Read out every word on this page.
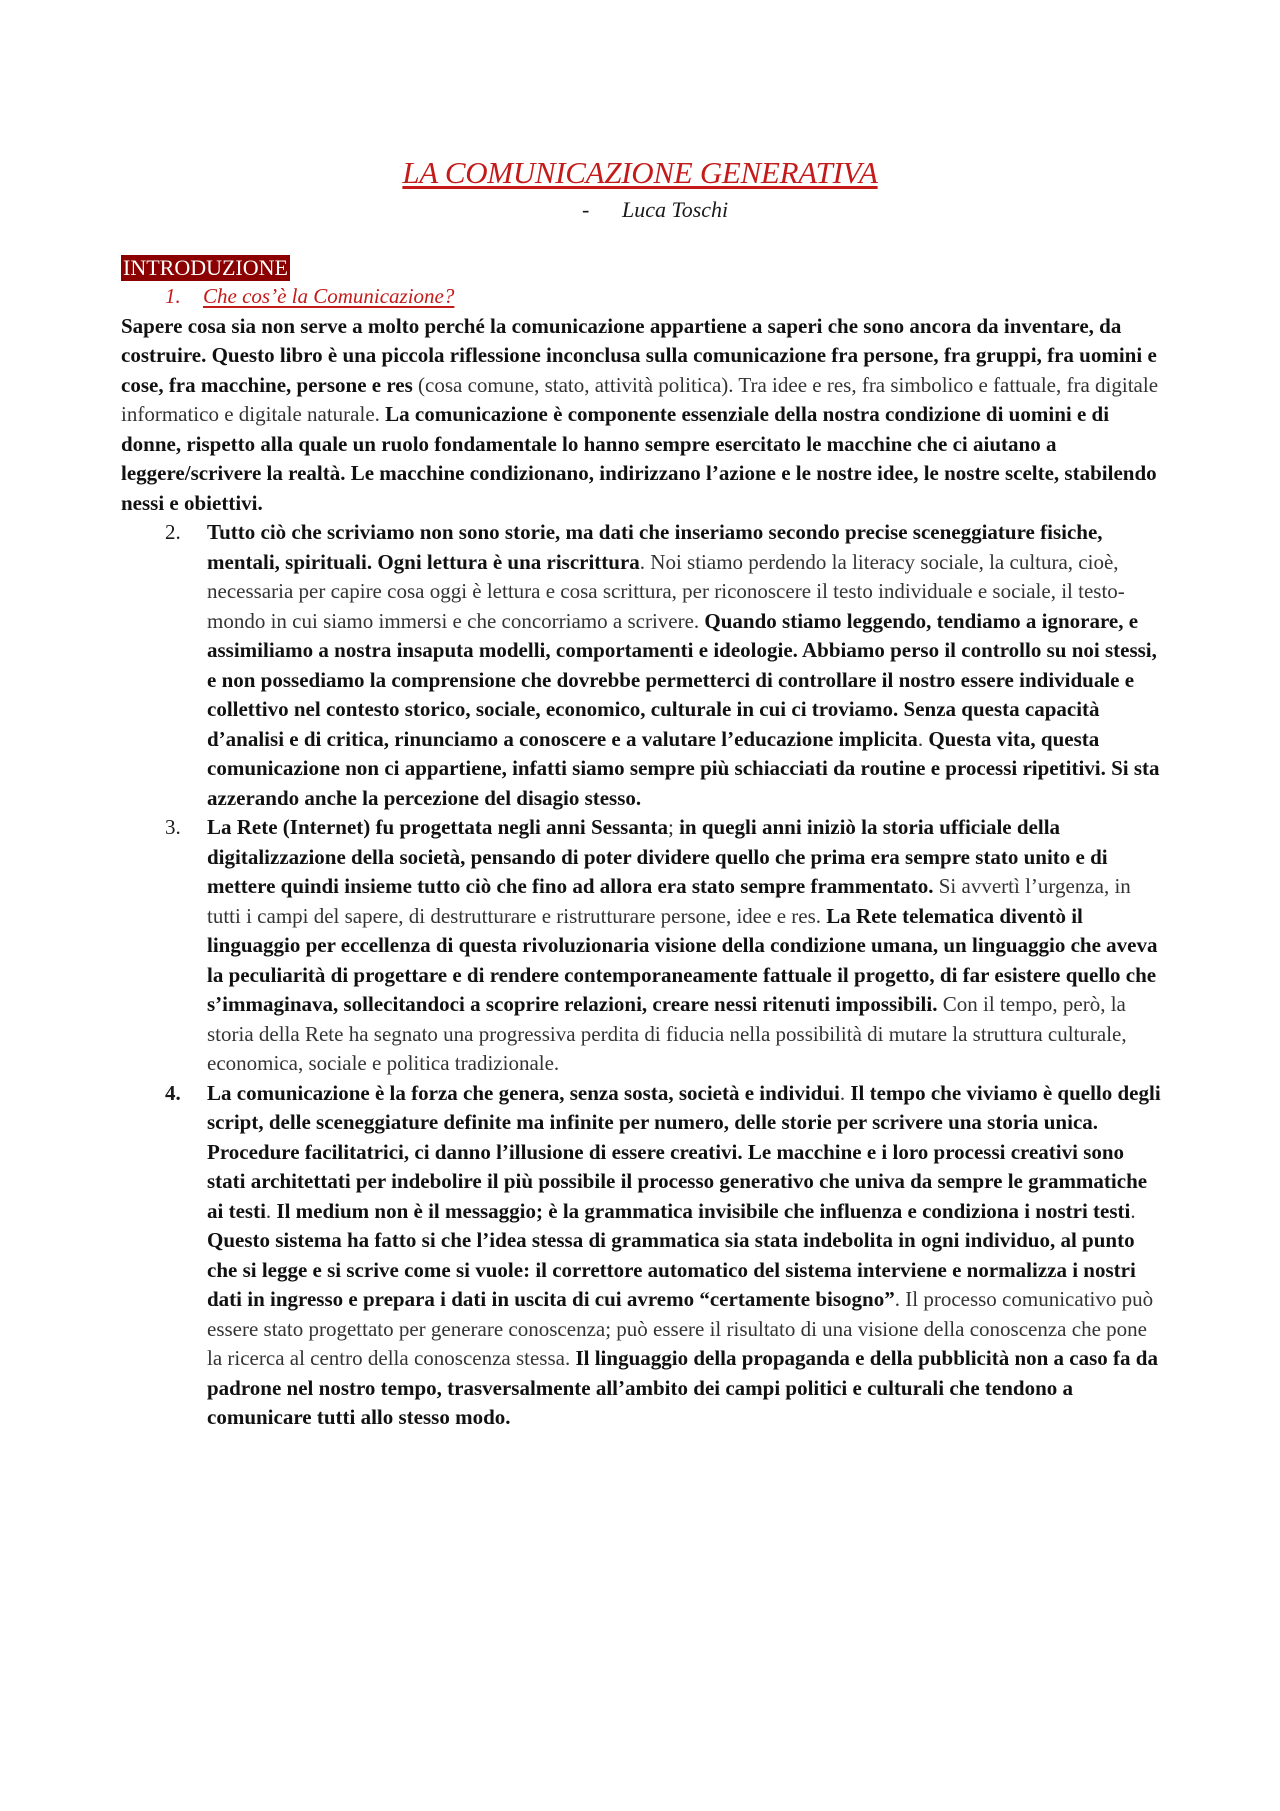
LA COMUNICAZIONE GENERATIVA
- Luca Toschi
INTRODUZIONE
1. Che cos’è la Comunicazione?

Sapere cosa sia non serve a molto perché la comunicazione appartiene a saperi che sono ancora da inventare, da costruire. Questo libro è una piccola riflessione inconclusa sulla comunicazione fra persone, fra gruppi, fra uomini e cose, fra macchine, persone e res (cosa comune, stato, attività politica). Tra idee e res, fra simbolico e fattuale, fra digitale informatico e digitale naturale. La comunicazione è componente essenziale della nostra condizione di uomini e di donne, rispetto alla quale un ruolo fondamentale lo hanno sempre esercitato le macchine che ci aiutano a leggere/scrivere la realtà. Le macchine condizionano, indirizzano l’azione e le nostre idee, le nostre scelte, stabilendo nessi e obiettivi.

2. Tutto ciò che scriviamo non sono storie, ma dati che inseriamo secondo precise sceneggiature fisiche, mentali, spirituali. Ogni lettura è una riscrittura. Noi stiamo perdendo la literacy sociale, la cultura, cioè, necessaria per capire cosa oggi è lettura e cosa scrittura, per riconoscere il testo individuale e sociale, il testo-mondo in cui siamo immersi e che concorriamo a scrivere. Quando stiamo leggendo, tendiamo a ignorare, e assimiliamo a nostra insaputa modelli, comportamenti e ideologie. Abbiamo perso il controllo su noi stessi, e non possediamo la comprensione che dovrebbe permetterci di controllare il nostro essere individuale e collettivo nel contesto storico, sociale, economico, culturale in cui ci troviamo. Senza questa capacità d’analisi e di critica, rinunciamo a conoscere e a valutare l’educazione implicita. Questa vita, questa comunicazione non ci appartiene, infatti siamo sempre più schiacciati da routine e processi ripetitivi. Si sta azzerando anche la percezione del disagio stesso.
3. La Rete (Internet) fu progettata negli anni Sessanta; in quegli anni iniziò la storia ufficiale della digitalizzazione della società, pensando di poter dividere quello che prima era sempre stato unito e di mettere quindi insieme tutto ciò che fino ad allora era stato sempre frammentato. Si avvertì l’urgenza, in tutti i campi del sapere, di destrutturare e ristrutturare persone, idee e res. La Rete telematica diventò il linguaggio per eccellenza di questa rivoluzionaria visione della condizione umana, un linguaggio che aveva la peculiarità di progettare e di rendere contemporaneamente fattuale il progetto, di far esistere quello che s’immaginava, sollecitandoci a scoprire relazioni, creare nessi ritenuti impossibili. Con il tempo, però, la storia della Rete ha segnato una progressiva perdita di fiducia nella possibilità di mutare la struttura culturale, economica, sociale e politica tradizionale.
4. La comunicazione è la forza che genera, senza sosta, società e individui. Il tempo che viviamo è quello degli script, delle sceneggiature definite ma infinite per numero, delle storie per scrivere una storia unica. Procedure facilitatrici, ci danno l’illusione di essere creativi. Le macchine e i loro processi creativi sono stati architettati per indebolire il più possibile il processo generativo che univa da sempre le grammatiche ai testi. Il medium non è il messaggio; è la grammatica invisibile che influenza e condiziona i nostri testi. Questo sistema ha fatto si che l’idea stessa di grammatica sia stata indebolita in ogni individuo, al punto che si legge e si scrive come si vuole: il correttore automatico del sistema interviene e normalizza i nostri dati in ingresso e prepara i dati in uscita di cui avremo “certamente bisogno”. Il processo comunicativo può essere stato progettato per generare conoscenza; può essere il risultato di una visione della conoscenza che pone la ricerca al centro della conoscenza stessa. Il linguaggio della propaganda e della pubblicità non a caso fa da padrone nel nostro tempo, trasversalmente all’ambito dei campi politici e culturali che tendono a comunicare tutti allo stesso modo.
